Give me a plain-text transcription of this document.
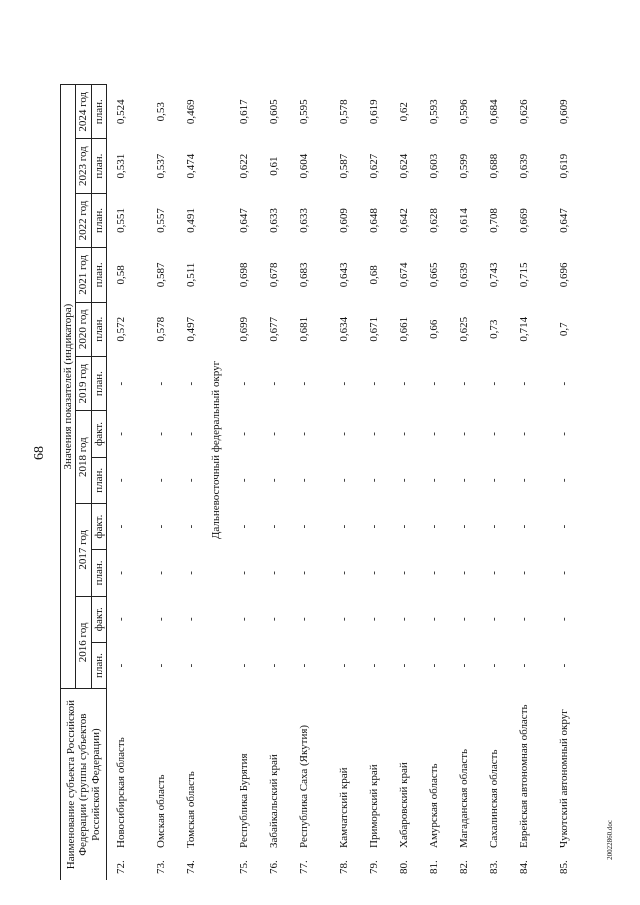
68
20022860.doc
Наименование субъекта Российской Федерации (группы субъектов Российской Федерации)	Значения показателей (индикатора)												
	2016 год		2017 год		2018 год		2019 год	2020 год	2021 год	2022 год	2023 год	2024 год	
	план.	факт.	план.	факт.	план.	факт.	план.	план.	план.	план.	план.	план.	
72.Новосибирская область	-	-	-	-	-	-	-	0,572	0,58	0,551	0,531	0,524	
73.Омская область	-	-	-	-	-	-	-	0,578	0,587	0,557	0,537	0,53	
74.Томская область	-	-	-	-	-	-	-	0,497	0,511	0,491	0,474	0,469	
Дальневосточный федеральный округ													
75.Республика Бурятия	-	-	-	-	-	-	-	0,699	0,698	0,647	0,622	0,617	
76.Забайкальский край	-	-	-	-	-	-	-	0,677	0,678	0,633	0,61	0,605	
77.Республика Саха (Якутия)	-	-	-	-	-	-	-	0,681	0,683	0,633	0,604	0,595	
78.Камчатский край	-	-	-	-	-	-	-	0,634	0,643	0,609	0,587	0,578	
79.Приморский край	-	-	-	-	-	-	-	0,671	0,68	0,648	0,627	0,619	
80.Хабаровский край	-	-	-	-	-	-	-	0,661	0,674	0,642	0,624	0,62	
81.Амурская область	-	-	-	-	-	-	-	0,66	0,665	0,628	0,603	0,593	
82.Магаданская область	-	-	-	-	-	-	-	0,625	0,639	0,614	0,599	0,596	
83.Сахалинская область	-	-	-	-	-	-	-	0,73	0,743	0,708	0,688	0,684	
84.Еврейская автономная область	-	-	-	-	-	-	-	0,714	0,715	0,669	0,639	0,626	
85.Чукотский автономный округ	-	-	-	-	-	-	-	0,7	0,696	0,647	0,619	0,609	
